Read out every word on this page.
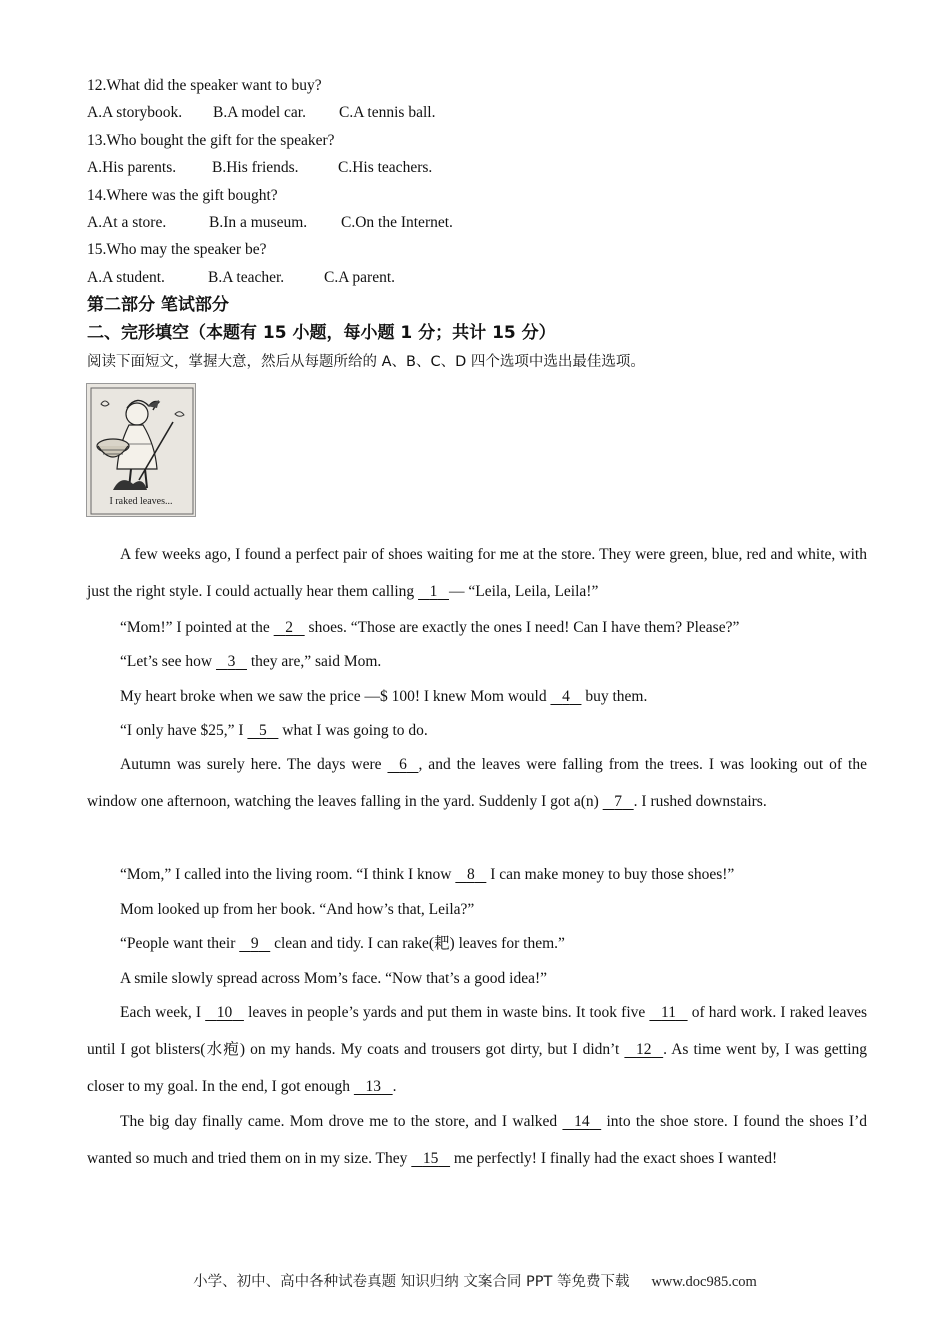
12.What did the speaker want to buy?
A.A storybook. B.A model car. C.A tennis ball.
13.Who bought the gift for the speaker?
A.His parents. B.His friends.	C.His teachers.
14.Where was the gift bought?
A.At a store.	B.In a museum. C.On the Internet.
15.Who may the speaker be?
A.A student.	B.A teacher.	C.A parent.
第二部分 笔试部分
二、完形填空（本题有 15 小题，每小题 1 分；共计 15 分）
阅读下面短文，掌握大意，然后从每题所给的 A、B、C、D 四个选项中选出最佳选项。
I raked leaves...
A few weeks ago, I found a perfect pair of shoes waiting for me at the store. They were green, blue, red and white, with just the right style. I could actually hear them calling    1 — “Leila, Leila, Leila!”
“Mom!” I pointed at the    2    shoes. “Those are exactly the ones I need! Can I have them? Please?”
“Let’s see how    3    they are,” said Mom.
My heart broke when we saw the price —$ 100! I knew Mom would    4    buy them.
“I only have $25,” I    5    what I was going to do.
Autumn was surely here. The days were    6 , and the leaves were falling from the trees. I was looking out of the window one afternoon, watching the leaves falling in the yard. Suddenly I got a(n)    7 . I rushed downstairs.
“Mom,” I called into the living room. “I think I know    8    I can make money to buy those shoes!”
Mom looked up from her book. “And how’s that, Leila?”
“People want their    9    clean and tidy. I can rake(耙) leaves for them.”
A smile slowly spread across Mom’s face. “Now that’s a good idea!”
Each week, I    10    leaves in people’s yards and put them in waste bins. It took five    11    of hard work. I raked leaves until I got blisters(水疱) on my hands. My coats and trousers got dirty, but I didn’t    12 . As time went by, I was getting closer to my goal. In the end, I got enough    13 .
The big day finally came. Mom drove me to the store, and I walked    14    into the shoe store. I found the shoes I’d wanted so much and tried them on in my size. They    15    me perfectly! I finally had the exact shoes I wanted!
小学、初中、高中各种试卷真题 知识归纳 文案合同 PPT 等免费下载 www.doc985.com
